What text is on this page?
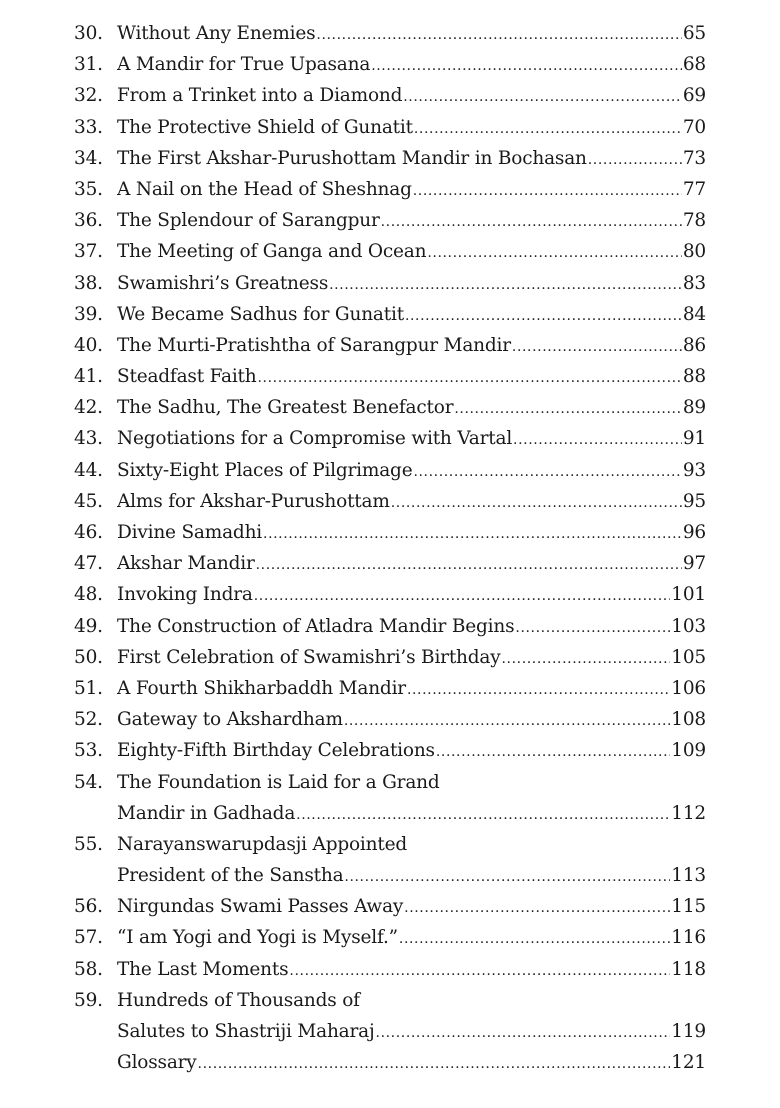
30. Without Any Enemies .....	65
31. A Mandir for True Upasana .....	68
32. From a Trinket into a Diamond .....	69
33. The Protective Shield of Gunatit .....	70
34. The First Akshar-Purushottam Mandir in Bochasan .....	73
35. A Nail on the Head of Sheshnag .....	77
36. The Splendour of Sarangpur .....	78
37. The Meeting of Ganga and Ocean .....	80
38. Swamishri’s Greatness .....	83
39. We Became Sadhus for Gunatit .....	84
40. The Murti-Pratishtha of Sarangpur Mandir .....	86
41. Steadfast Faith .....	88
42. The Sadhu, The Greatest Benefactor .....	89
43. Negotiations for a Compromise with Vartal .....	91
44. Sixty-Eight Places of Pilgrimage .....	93
45. Alms for Akshar-Purushottam .....	95
46. Divine Samadhi .....	96
47. Akshar Mandir .....	97
48. Invoking Indra .....	101
49. The Construction of Atladra Mandir Begins .....	103
50. First Celebration of Swamishri’s Birthday .....	105
51. A Fourth Shikharbaddh Mandir .....	106
52. Gateway to Akshardham .....	108
53. Eighty-Fifth Birthday Celebrations .....	109
54. The Foundation is Laid for a Grand
Mandir in Gadhada .....	112
55. Narayanswarupdasji Appointed
President of the Sanstha .....	113
56. Nirgundas Swami Passes Away .....	115
57. “I am Yogi and Yogi is Myself.” .....	116
58. The Last Moments .....	118
59. Hundreds of Thousands of
Salutes to Shastriji Maharaj .....	119
Glossary .....	121
